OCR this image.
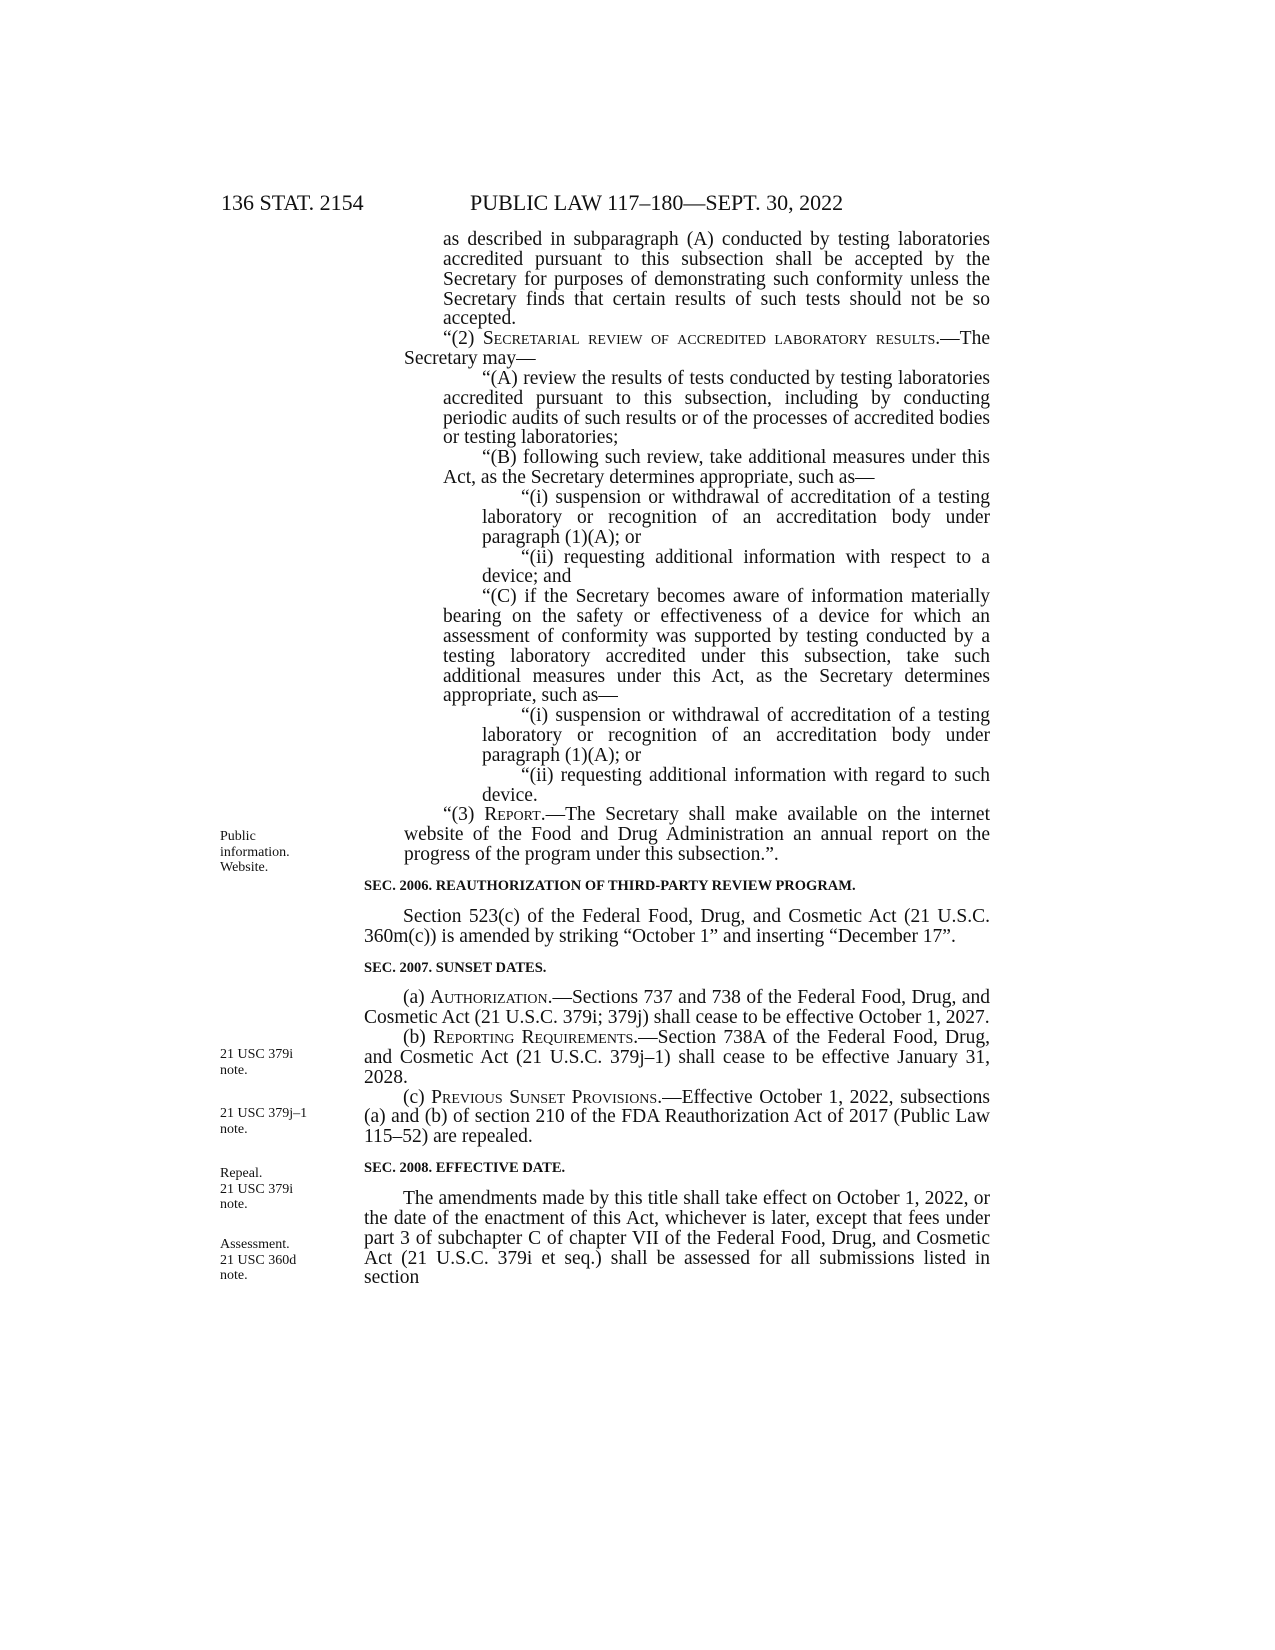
136 STAT. 2154	PUBLIC LAW 117–180—SEPT. 30, 2022

as described in subparagraph (A) conducted by testing laboratories accredited pursuant to this subsection shall be accepted by the Secretary for purposes of demonstrating such conformity unless the Secretary finds that certain results of such tests should not be so accepted.

“(2) Secretarial review of accredited laboratory results.—The Secretary may—

“(A) review the results of tests conducted by testing laboratories accredited pursuant to this subsection, including by conducting periodic audits of such results or of the processes of accredited bodies or testing laboratories;

“(B) following such review, take additional measures under this Act, as the Secretary determines appropriate, such as—

“(i) suspension or withdrawal of accreditation of a testing laboratory or recognition of an accreditation body under paragraph (1)(A); or

“(ii) requesting additional information with respect to a device; and

“(C) if the Secretary becomes aware of information materially bearing on the safety or effectiveness of a device for which an assessment of conformity was supported by testing conducted by a testing laboratory accredited under this subsection, take such additional measures under this Act, as the Secretary determines appropriate, such as—

“(i) suspension or withdrawal of accreditation of a testing laboratory or recognition of an accreditation body under paragraph (1)(A); or

“(ii) requesting additional information with regard to such device.

“(3) Report.—The Secretary shall make available on the internet website of the Food and Drug Administration an annual report on the progress of the program under this subsection.”.

SEC. 2006. REAUTHORIZATION OF THIRD-PARTY REVIEW PROGRAM.

Section 523(c) of the Federal Food, Drug, and Cosmetic Act (21 U.S.C. 360m(c)) is amended by striking “October 1” and inserting “December 17”.

SEC. 2007. SUNSET DATES.

(a) Authorization.—Sections 737 and 738 of the Federal Food, Drug, and Cosmetic Act (21 U.S.C. 379i; 379j) shall cease to be effective October 1, 2027.

(b) Reporting Requirements.—Section 738A of the Federal Food, Drug, and Cosmetic Act (21 U.S.C. 379j–1) shall cease to be effective January 31, 2028.

(c) Previous Sunset Provisions.—Effective October 1, 2022, subsections (a) and (b) of section 210 of the FDA Reauthorization Act of 2017 (Public Law 115–52) are repealed.

SEC. 2008. EFFECTIVE DATE.

The amendments made by this title shall take effect on October 1, 2022, or the date of the enactment of this Act, whichever is later, except that fees under part 3 of subchapter C of chapter VII of the Federal Food, Drug, and Cosmetic Act (21 U.S.C. 379i et seq.) shall be assessed for all submissions listed in section

Public
information.
Website.
21 USC 379i
note.
21 USC 379j–1
note.
Repeal.
21 USC 379i
note.
Assessment.
21 USC 360d
note.
